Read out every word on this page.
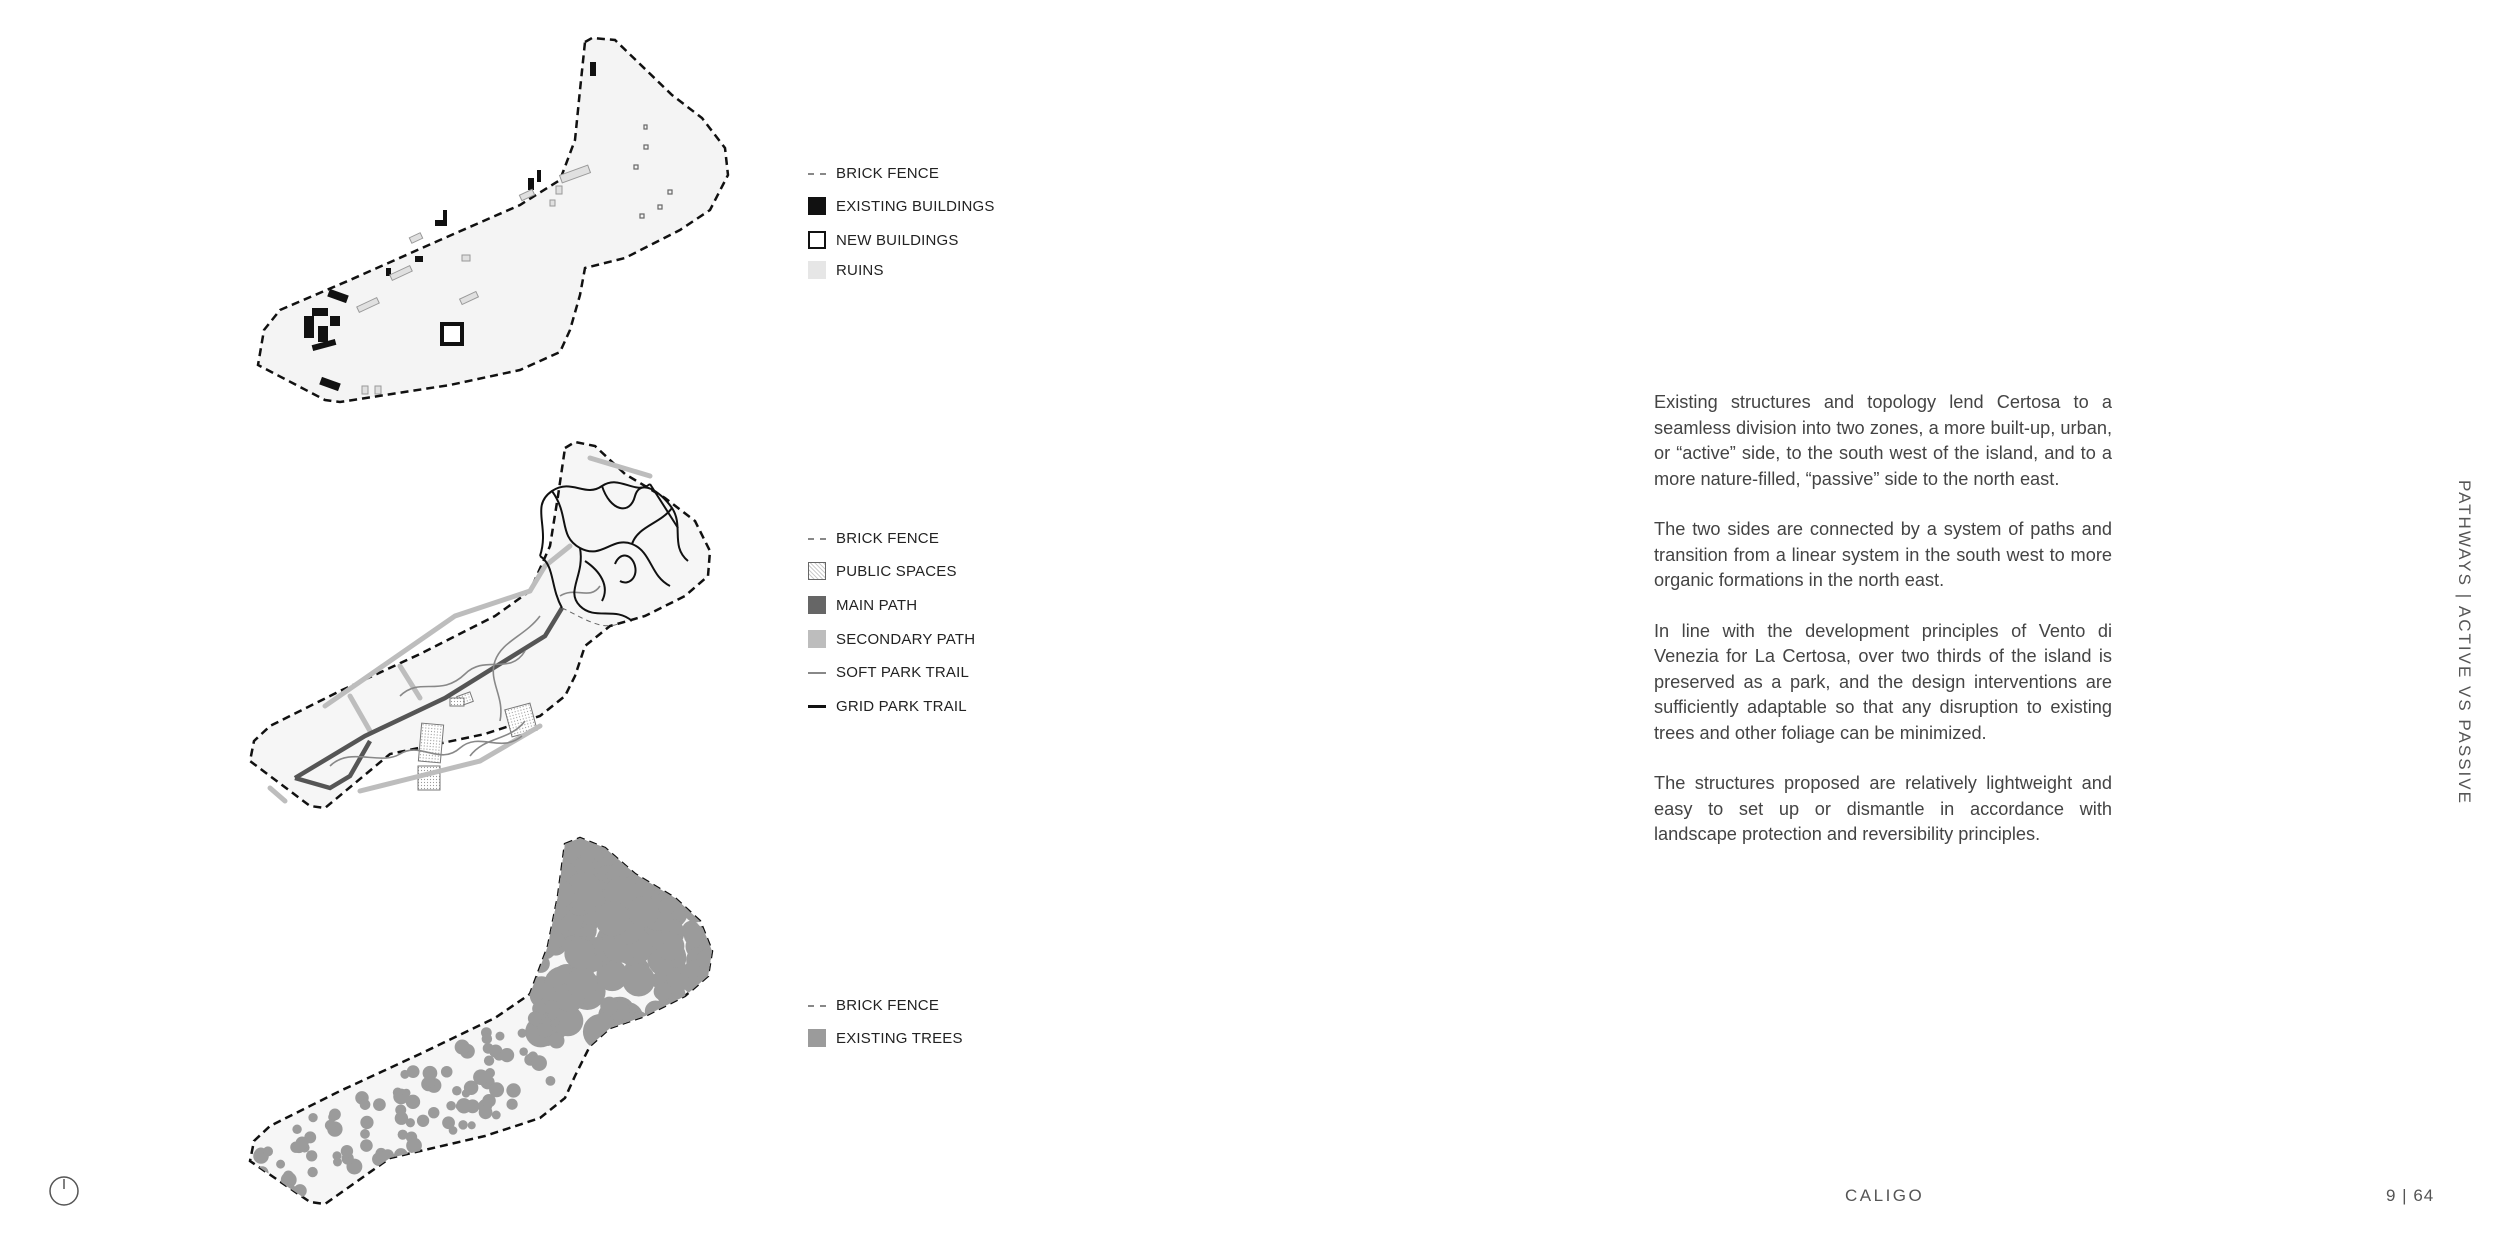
BRICK FENCE
EXISTING BUILDINGS
NEW BUILDINGS
RUINS
BRICK FENCE
PUBLIC SPACES
MAIN PATH
SECONDARY PATH
SOFT PARK TRAIL
GRID PARK TRAIL
BRICK FENCE
EXISTING TREES

Existing structures and topology lend Certosa to a seamless division into two zones, a more built-up, urban, or “active” side, to the south west of the island, and to a more nature-filled, “passive” side to the north east.

The two sides are connected by a system of paths and transition from a linear system in the south west to more organic formations in the north east.

In line with the development principles of Vento di Venezia for La Certosa, over two thirds of the island is preserved as a park, and the design interventions are sufficiently adaptable so that any disruption to existing trees and other foliage can be minimized.

The structures proposed are relatively lightweight and easy to set up or dismantle in accordance with landscape protection and reversibility principles.

PATHWAYS | ACTIVE VS PASSIVE
CALIGO	9 | 64
